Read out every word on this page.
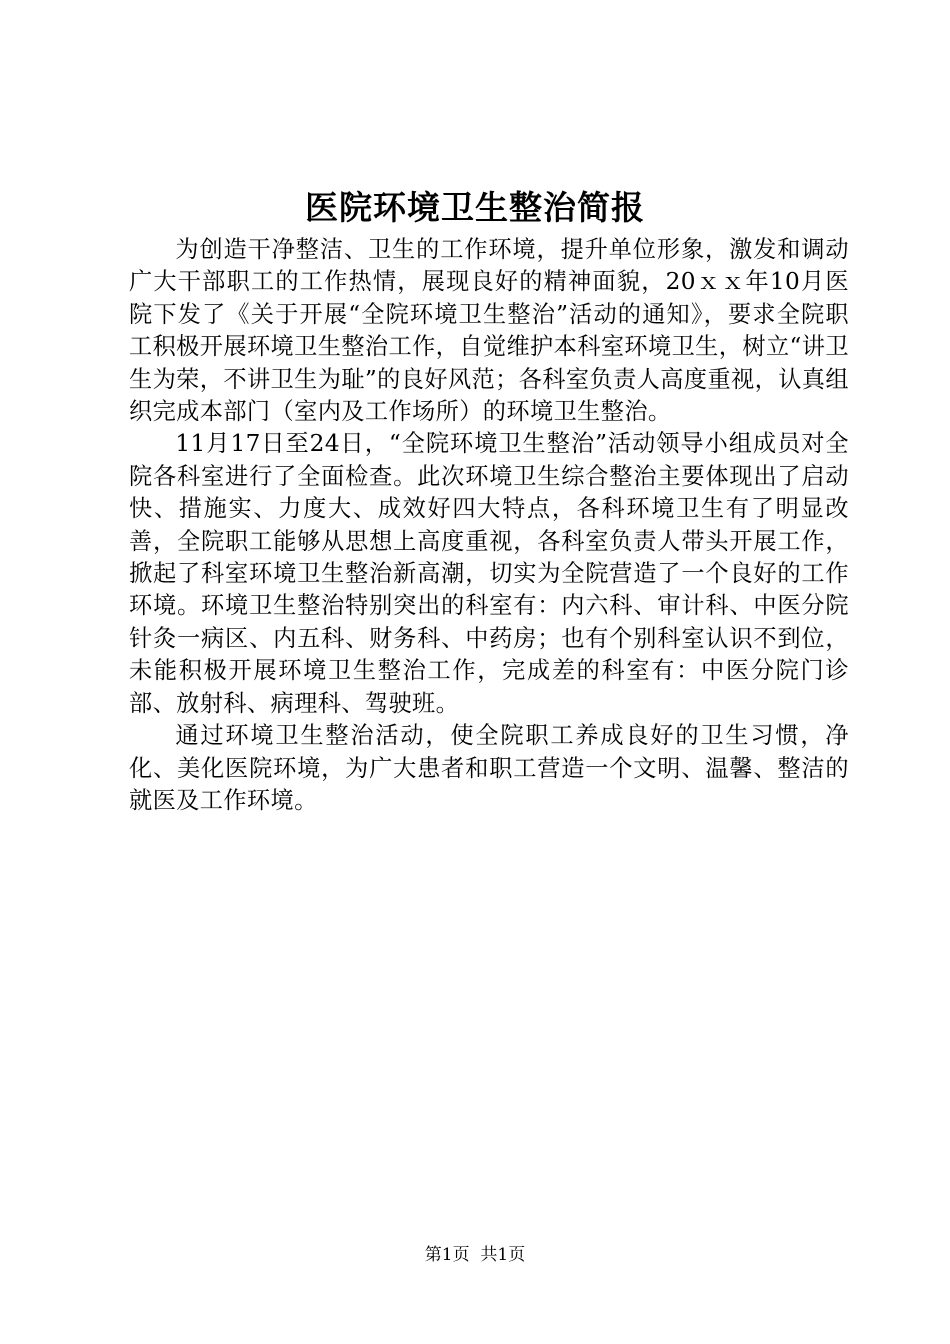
医院环境卫生整治简报

为创造干净整洁、卫生的工作环境，提升单位形象，激发和调动广大干部职工的工作热情，展现良好的精神面貌，20ｘｘ年10月医院下发了《关于开展“全院环境卫生整治”活动的通知》，要求全院职工积极开展环境卫生整治工作，自觉维护本科室环境卫生，树立“讲卫生为荣，不讲卫生为耻”的良好风范；各科室负责人高度重视，认真组织完成本部门（室内及工作场所）的环境卫生整治。

11月17日至24日，“全院环境卫生整治”活动领导小组成员对全院各科室进行了全面检查。此次环境卫生综合整治主要体现出了启动快、措施实、力度大、成效好四大特点，各科环境卫生有了明显改善，全院职工能够从思想上高度重视，各科室负责人带头开展工作，掀起了科室环境卫生整治新高潮，切实为全院营造了一个良好的工作环境。环境卫生整治特别突出的科室有：内六科、审计科、中医分院针灸一病区、内五科、财务科、中药房；也有个别科室认识不到位，未能积极开展环境卫生整治工作，完成差的科室有：中医分院门诊部、放射科、病理科、驾驶班。

通过环境卫生整治活动，使全院职工养成良好的卫生习惯，净化、美化医院环境，为广大患者和职工营造一个文明、温馨、整洁的就医及工作环境。

第1页  共1页
